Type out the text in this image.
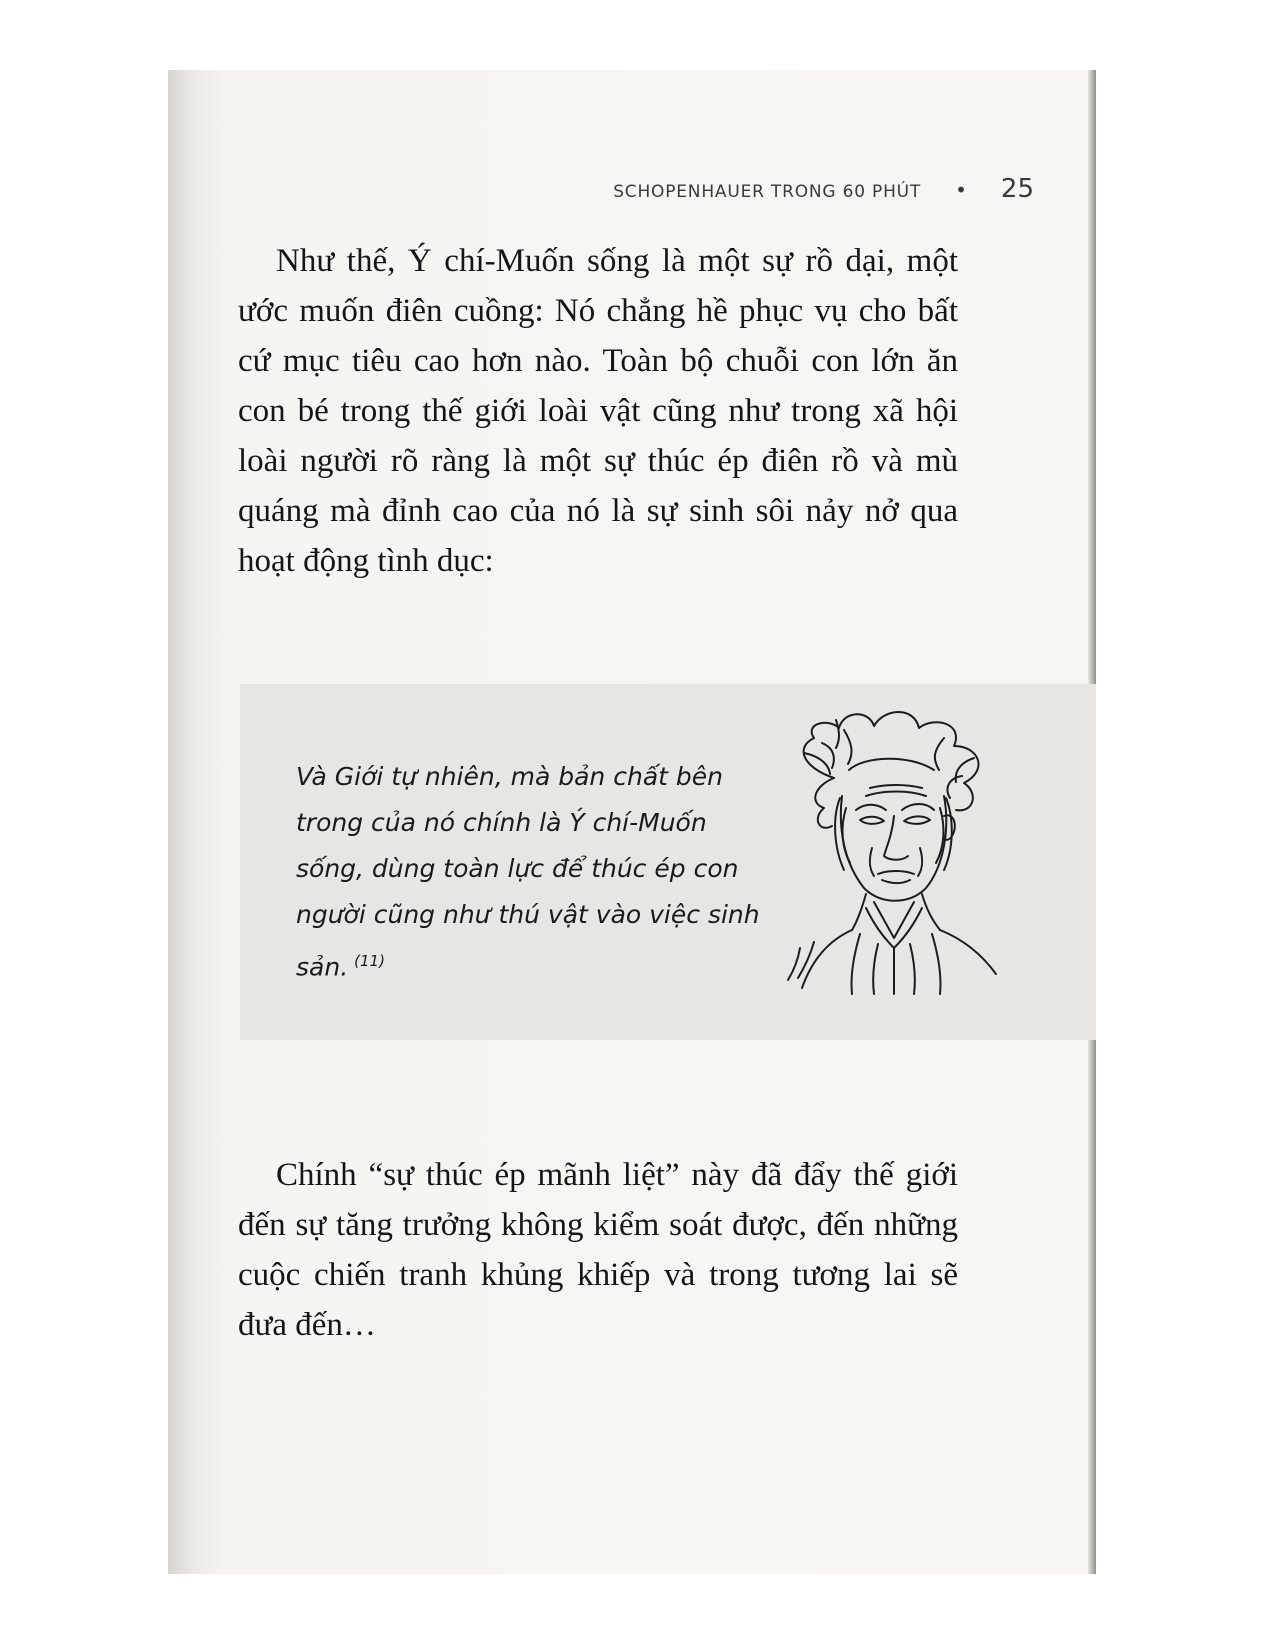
SCHOPENHAUER TRONG 60 PHÚT • 25

Như thế, Ý chí-Muốn sống là một sự rồ dại, một ước muốn điên cuồng: Nó chẳng hề phục vụ cho bất cứ mục tiêu cao hơn nào. Toàn bộ chuỗi con lớn ăn con bé trong thế giới loài vật cũng như trong xã hội loài người rõ ràng là một sự thúc ép điên rồ và mù quáng mà đỉnh cao của nó là sự sinh sôi nảy nở qua hoạt động tình dục:

Và Giới tự nhiên, mà bản chất bên trong của nó chính là Ý chí-Muốn sống, dùng toàn lực để thúc ép con người cũng như thú vật vào việc sinh sản. $^{(11)}$

Chính “sự thúc ép mãnh liệt” này đã đẩy thế giới đến sự tăng trưởng không kiểm soát được, đến những cuộc chiến tranh khủng khiếp và trong tương lai sẽ đưa đến…
